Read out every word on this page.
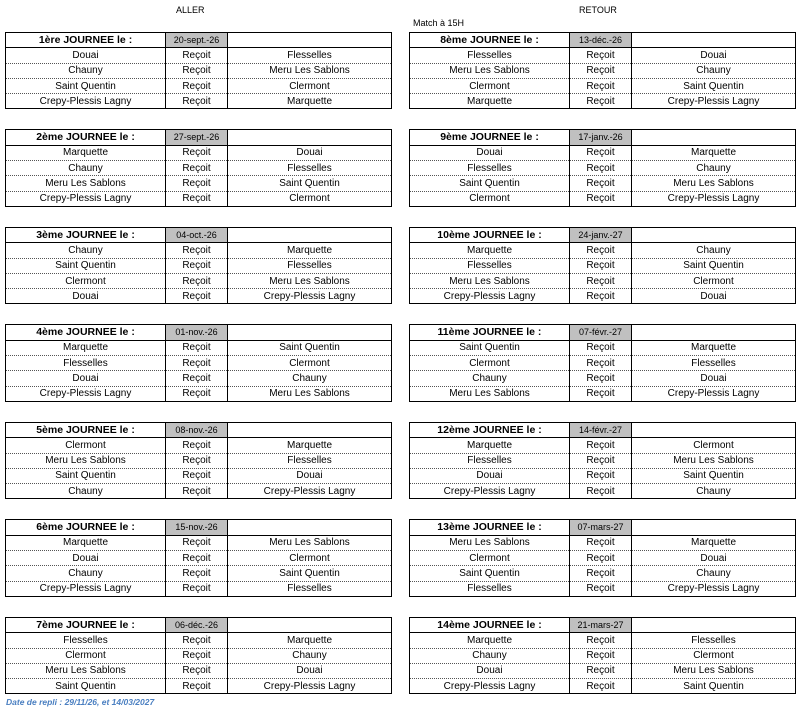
ALLER	RETOUR
Match à 15H
1ère JOURNEE le :	20-sept.-26	
Douai	Reçoit	Flesselles
Chauny	Reçoit	Meru Les Sablons
Saint Quentin	Reçoit	Clermont
Crepy-Plessis Lagny	Reçoit	Marquette
2ème JOURNEE le :	27-sept.-26	
Marquette	Reçoit	Douai
Chauny	Reçoit	Flesselles
Meru Les Sablons	Reçoit	Saint Quentin
Crepy-Plessis Lagny	Reçoit	Clermont
3ème JOURNEE le :	04-oct.-26	
Chauny	Reçoit	Marquette
Saint Quentin	Reçoit	Flesselles
Clermont	Reçoit	Meru Les Sablons
Douai	Reçoit	Crepy-Plessis Lagny
4ème JOURNEE le :	01-nov.-26	
Marquette	Reçoit	Saint Quentin
Flesselles	Reçoit	Clermont
Douai	Reçoit	Chauny
Crepy-Plessis Lagny	Reçoit	Meru Les Sablons
5ème JOURNEE le :	08-nov.-26	
Clermont	Reçoit	Marquette
Meru Les Sablons	Reçoit	Flesselles
Saint Quentin	Reçoit	Douai
Chauny	Reçoit	Crepy-Plessis Lagny
6ème JOURNEE le :	15-nov.-26	
Marquette	Reçoit	Meru Les Sablons
Douai	Reçoit	Clermont
Chauny	Reçoit	Saint Quentin
Crepy-Plessis Lagny	Reçoit	Flesselles
7ème JOURNEE le :	06-déc.-26	
Flesselles	Reçoit	Marquette
Clermont	Reçoit	Chauny
Meru Les Sablons	Reçoit	Douai
Saint Quentin	Reçoit	Crepy-Plessis Lagny
8ème JOURNEE le :	13-déc.-26	
Flesselles	Reçoit	Douai
Meru Les Sablons	Reçoit	Chauny
Clermont	Reçoit	Saint Quentin
Marquette	Reçoit	Crepy-Plessis Lagny
9ème JOURNEE le :	17-janv.-26	
Douai	Reçoit	Marquette
Flesselles	Reçoit	Chauny
Saint Quentin	Reçoit	Meru Les Sablons
Clermont	Reçoit	Crepy-Plessis Lagny
10ème JOURNEE le :	24-janv.-27	
Marquette	Reçoit	Chauny
Flesselles	Reçoit	Saint Quentin
Meru Les Sablons	Reçoit	Clermont
Crepy-Plessis Lagny	Reçoit	Douai
11ème JOURNEE le :	07-févr.-27	
Saint Quentin	Reçoit	Marquette
Clermont	Reçoit	Flesselles
Chauny	Reçoit	Douai
Meru Les Sablons	Reçoit	Crepy-Plessis Lagny
12ème JOURNEE le :	14-févr.-27	
Marquette	Reçoit	Clermont
Flesselles	Reçoit	Meru Les Sablons
Douai	Reçoit	Saint Quentin
Crepy-Plessis Lagny	Reçoit	Chauny
13ème JOURNEE le :	07-mars-27	
Meru Les Sablons	Reçoit	Marquette
Clermont	Reçoit	Douai
Saint Quentin	Reçoit	Chauny
Flesselles	Reçoit	Crepy-Plessis Lagny
14ème JOURNEE le :	21-mars-27	
Marquette	Reçoit	Flesselles
Chauny	Reçoit	Clermont
Douai	Reçoit	Meru Les Sablons
Crepy-Plessis Lagny	Reçoit	Saint Quentin
Date de repli : 29/11/26, et 14/03/2027
